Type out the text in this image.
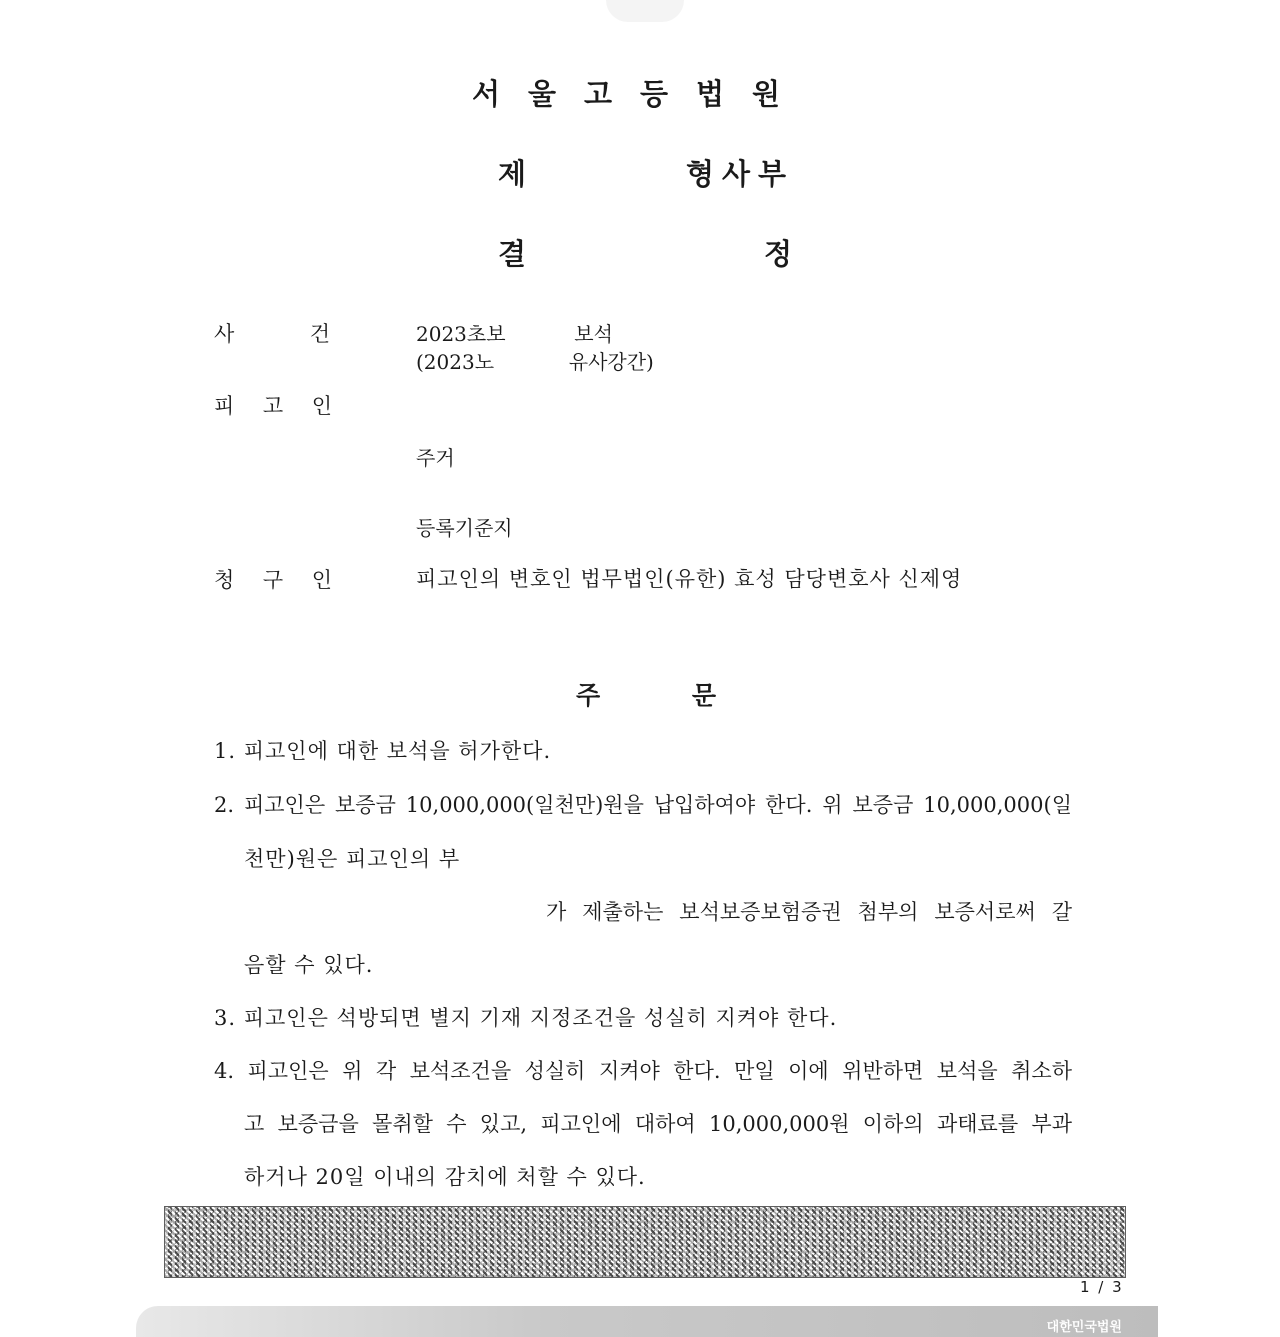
서울고등법원
제	형사부
결	정
사	건	2023초보	보석
(2023노	유사강간)
피 고 인
주거
등록기준지
청 구 인	피고인의 변호인 법무법인(유한) 효성 담당변호사 신제영
주	문
1. 피고인에 대한 보석을 허가한다.
2. 피고인은 보증금 10,000,000(일천만)원을 납입하여야 한다. 위 보증금 10,000,000(일
천만)원은 피고인의 부
가 제출하는 보석보증보험증권 첨부의 보증서로써 갈
음할 수 있다.
3. 피고인은 석방되면 별지 기재 지정조건을 성실히 지켜야 한다.
4. 피고인은 위 각 보석조건을 성실히 지켜야 한다. 만일 이에 위반하면 보석을 취소하
고 보증금을 몰취할 수 있고, 피고인에 대하여 10,000,000원 이하의 과태료를 부과
하거나 20일 이내의 감치에 처할 수 있다.
1 / 3
대한민국법원
